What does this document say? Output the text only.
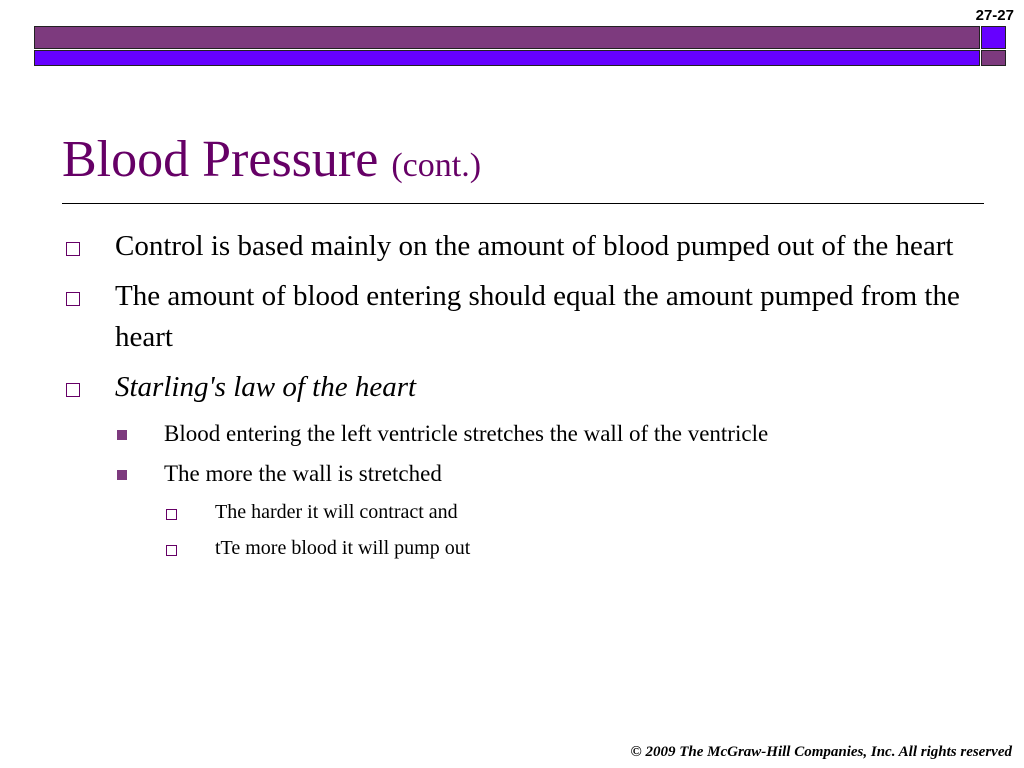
27-27
Blood Pressure (cont.)
Control is based mainly on the amount of blood pumped out of the heart
The amount of blood entering should equal the amount pumped from the heart
Starling's law of the heart
Blood entering the left ventricle stretches the wall of the ventricle
The more the wall is stretched
The harder it will contract and
tTe more blood it will pump out
© 2009 The McGraw-Hill Companies, Inc. All rights reserved
